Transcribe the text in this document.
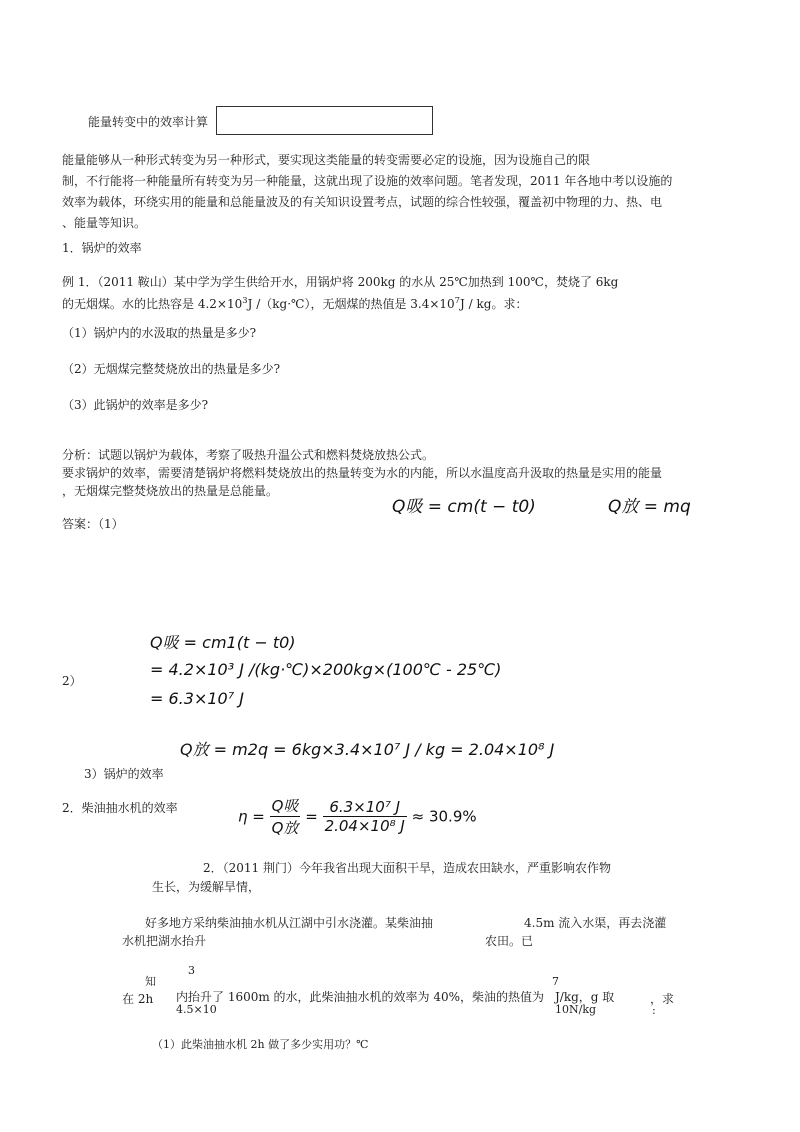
能量转变中的效率计算
能量能够从一种形式转变为另一种形式，要实现这类能量的转变需要必定的设施，因为设施自己的限
制，不行能将一种能量所有转变为另一种能量，这就出现了设施的效率问题。笔者发现，2011 年各地中考以设施的
效率为载体，环绕实用的能量和总能量波及的有关知识设置考点，试题的综合性较强，覆盖初中物理的力、热、电
、能量等知识。
1．锅炉的效率
例 1．（2011 鞍山）某中学为学生供给开水，用锅炉将 200kg 的水从 25℃加热到 100℃，焚烧了 6kg
的无烟煤。水的比热容是 $4.2\times 10^3J$ /（kg·℃），无烟煤的热值是 $3.4\times 10^7J$ / kg。求：
（1）锅炉内的水汲取的热量是多少?
（2）无烟煤完整焚烧放出的热量是多少?
（3）此锅炉的效率是多少?
分析：试题以锅炉为载体，考察了吸热升温公式和燃料焚烧放热公式。
要求锅炉的效率，需要清楚锅炉将燃料焚烧放出的热量转变为水的内能，所以水温度高升汲取的热量是实用的能量
，无烟煤完整焚烧放出的热量是总能量。
Q吸 = cm(t − t0)	Q放 = mq
答案：（1）
Q吸 = cm1(t − t0)
= 4.2×10³ J /(kg·℃)×200kg×(100℃ - 25℃)
= 6.3×10⁷ J
2）
Q放 = m2q = 6kg×3.4×10⁷ J / kg = 2.04×10⁸ J
3）锅炉的效率
$\eta = \frac{\text{Q吸}}{\text{Q放}} = \frac{\text{6.3×10⁷ J}}{\text{2.04×10⁸ J}} \approx 30.9\%$
2．柴油抽水机的效率
2．（2011 荆门）今年我省出现大面积干旱，造成农田缺水，严重影响农作物
生长，为缓解旱情，
好多地方采纳柴油抽水机从江湖中引水浇灌。某柴油抽	4.5m 流入水渠，再去浇灌
水机把湖水抬升	农田。已
知
3
7
在 2h 内抬升了 1600m 的水，此柴油抽水机的效率为 40%，柴油的热值为 J/kg，g 取	，求
4.5×10	10N/kg	:
（1）此柴油抽水机 2h 做了多少实用功？℃
